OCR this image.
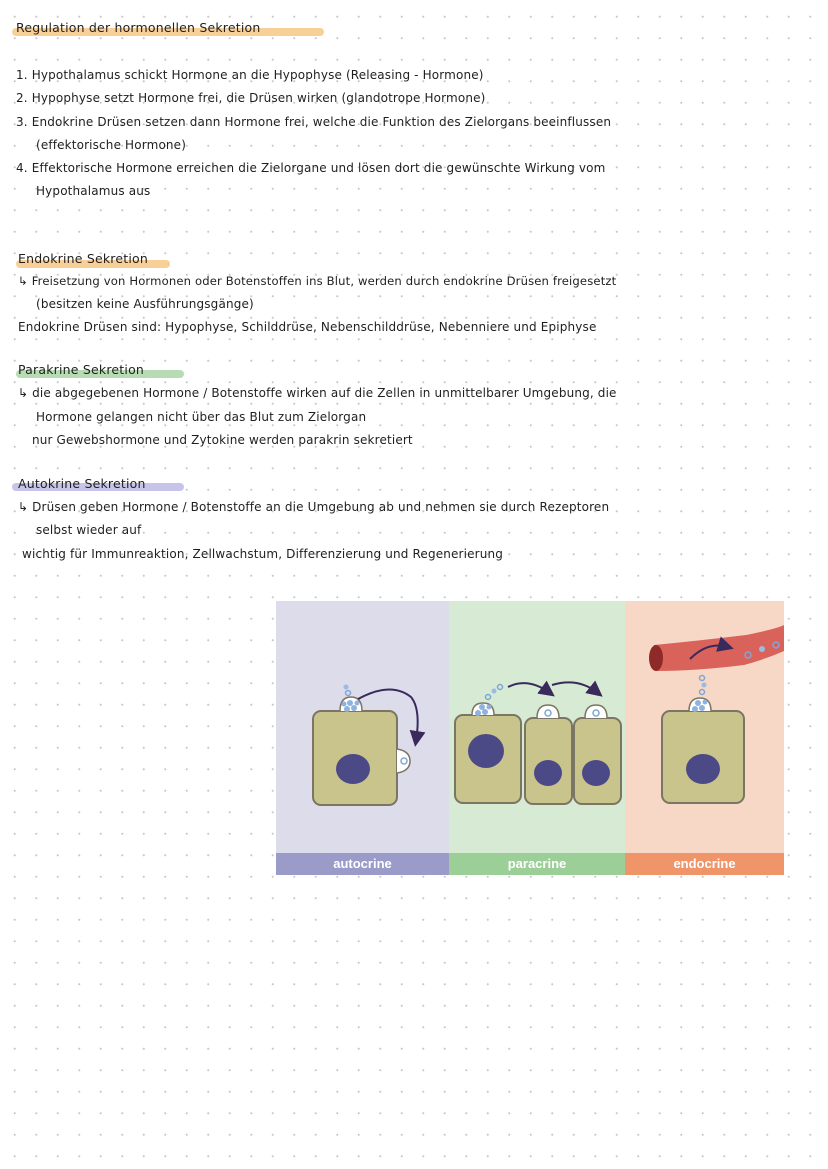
Regulation der hormonellen Sekretion
1. Hypothalamus schickt Hormone an die Hypophyse (Releasing - Hormone)
2. Hypophyse setzt Hormone frei, die Drüsen wirken (glandotrope Hormone)
3. Endokrine Drüsen setzen dann Hormone frei, welche die Funktion des Zielorgans beeinflussen
(effektorische Hormone)
4. Effektorische Hormone erreichen die Zielorgane und lösen dort die gewünschte Wirkung vom
Hypothalamus aus
Endokrine Sekretion
↳ Freisetzung von Hormonen oder Botenstoffen ins Blut, werden durch endokrine Drüsen freigesetzt
(besitzen keine Ausführungsgänge)
Endokrine Drüsen sind: Hypophyse, Schilddrüse, Nebenschilddrüse, Nebenniere und Epiphyse
Parakrine Sekretion
↳ die abgegebenen Hormone / Botenstoffe wirken auf die Zellen in unmittelbarer Umgebung, die
Hormone gelangen nicht über das Blut zum Zielorgan
nur Gewebshormone und Zytokine werden parakrin sekretiert
Autokrine Sekretion
↳ Drüsen geben Hormone / Botenstoffe an die Umgebung ab und nehmen sie durch Rezeptoren
selbst wieder auf
wichtig für Immunreaktion, Zellwachstum, Differenzierung und Regenerierung
autocrine	paracrine	endocrine
